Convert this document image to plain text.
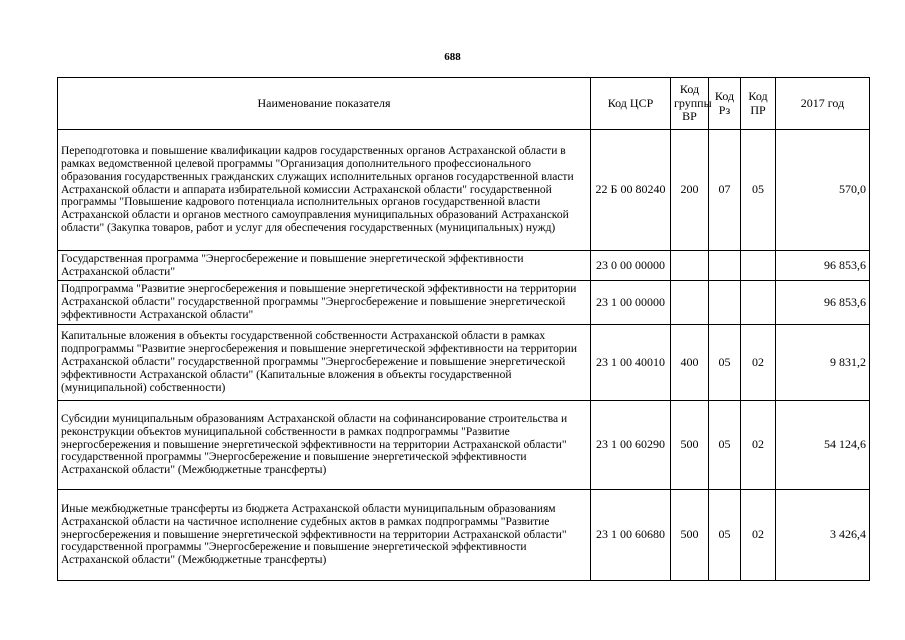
688
Наименование показателя	Код ЦСР	Код группы ВР	Код Рз	Код ПР	2017 год
Переподготовка и повышение квалификации кадров государственных органов Астраханской области в рамках ведомственной целевой программы "Организация дополнительного профессионального образования государственных гражданских служащих исполнительных органов государственной власти Астраханской области и аппарата избирательной комиссии Астраханской области" государственной программы "Повышение кадрового потенциала исполнительных органов государственной власти Астраханской области и органов местного самоуправления муниципальных образований Астраханской области" (Закупка товаров, работ и услуг для обеспечения государственных (муниципальных) нужд)	22 Б 00 80240	200	07	05	570,0
Государственная программа "Энергосбережение и повышение энергетической эффективности Астраханской области"	23 0 00 00000				96 853,6
Подпрограмма "Развитие энергосбережения и повышение энергетической эффективности на территории Астраханской области" государственной программы "Энергосбережение и повышение энергетической эффективности Астраханской области"	23 1 00 00000				96 853,6
Капитальные вложения в объекты государственной собственности Астраханской области в рамках подпрограммы "Развитие энергосбережения и повышение энергетической эффективности на территории Астраханской области" государственной программы "Энергосбережение и повышение энергетической эффективности Астраханской области" (Капитальные вложения в объекты государственной (муниципальной) собственности)	23 1 00 40010	400	05	02	9 831,2
Субсидии муниципальным образованиям Астраханской области на софинансирование строительства и реконструкции объектов муниципальной собственности в рамках подпрограммы "Развитие энергосбережения и повышение энергетической эффективности на территории Астраханской области" государственной программы "Энергосбережение и повышение энергетической эффективности Астраханской области" (Межбюджетные трансферты)	23 1 00 60290	500	05	02	54 124,6
Иные межбюджетные трансферты из бюджета Астраханской области муниципальным образованиям Астраханской области на частичное исполнение судебных актов в рамках подпрограммы "Развитие энергосбережения и повышение энергетической эффективности на территории Астраханской области" государственной программы "Энергосбережение и повышение энергетической эффективности Астраханской области" (Межбюджетные трансферты)	23 1 00 60680	500	05	02	3 426,4
